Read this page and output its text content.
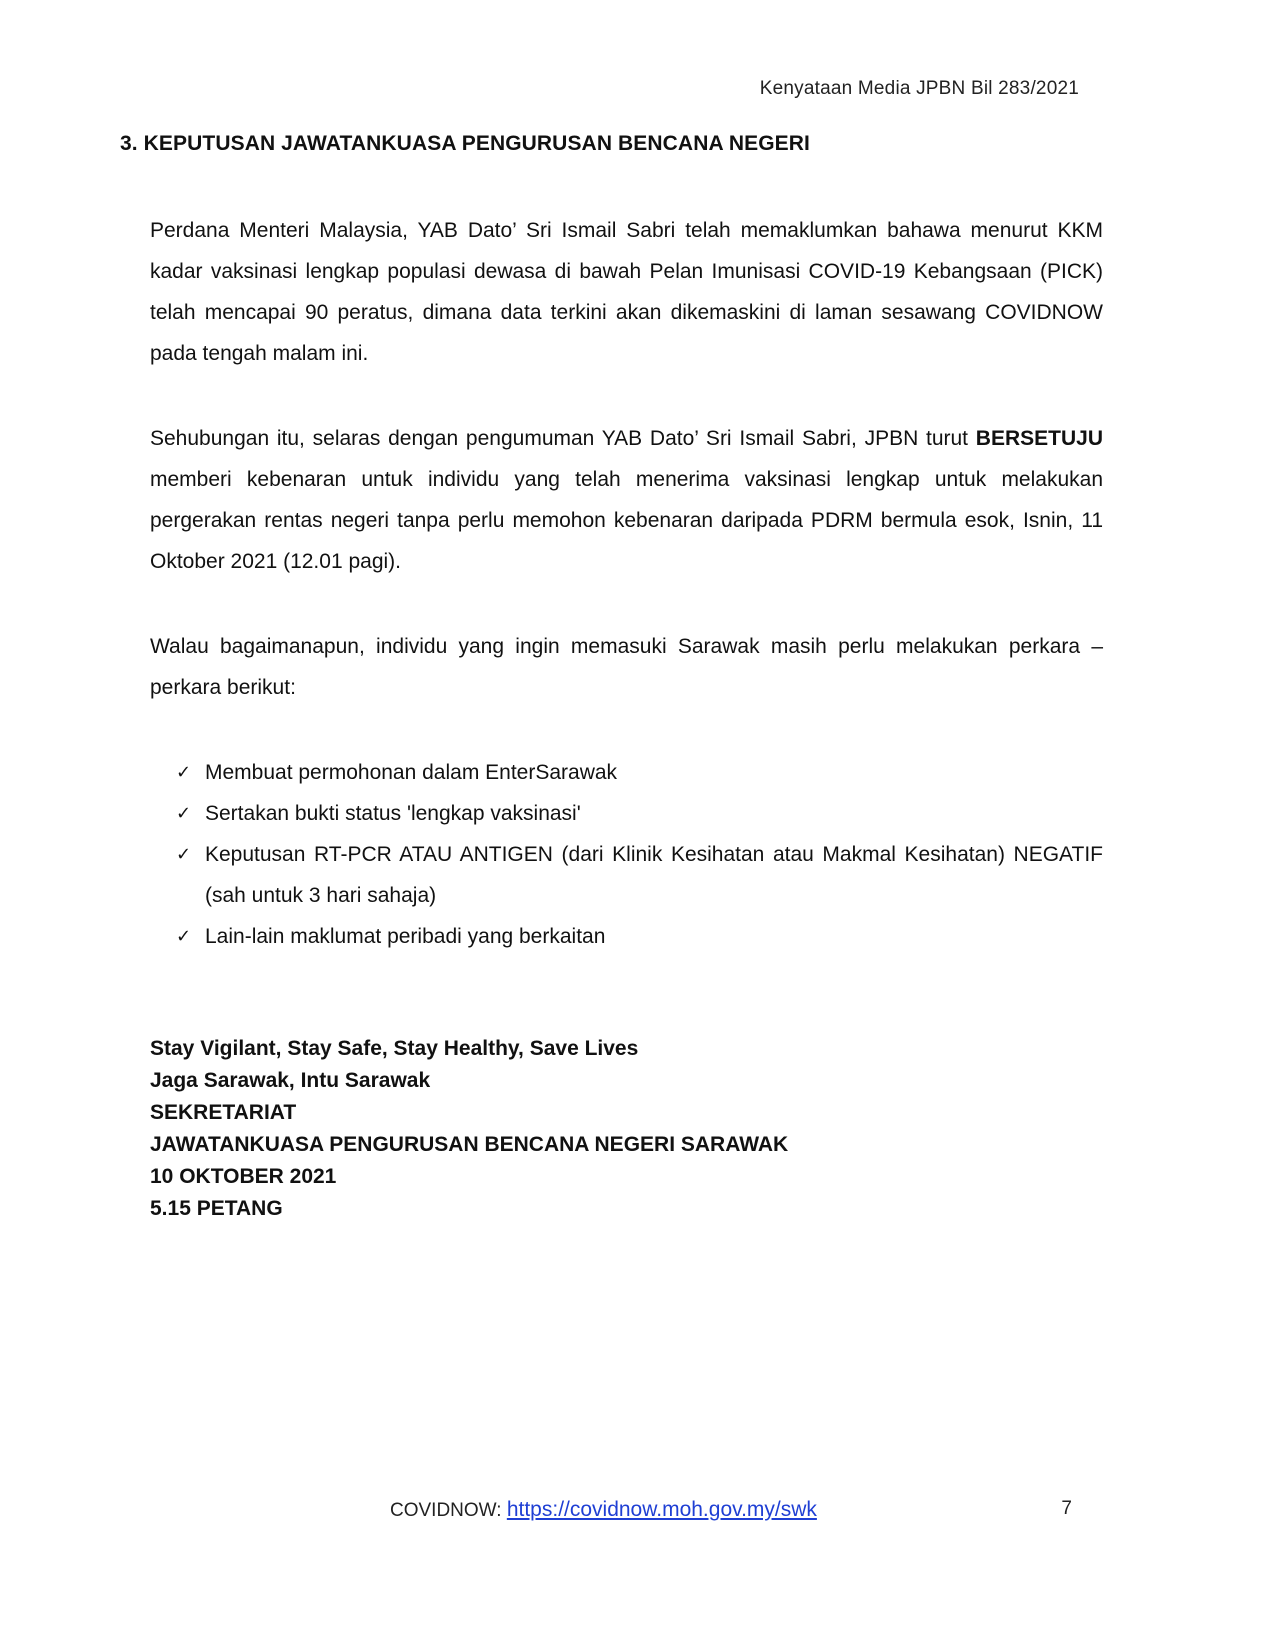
Kenyataan Media JPBN Bil 283/2021
3. KEPUTUSAN JAWATANKUASA PENGURUSAN BENCANA NEGERI

Perdana Menteri Malaysia, YAB Dato’ Sri Ismail Sabri telah memaklumkan bahawa menurut KKM kadar vaksinasi lengkap populasi dewasa di bawah Pelan Imunisasi COVID-19 Kebangsaan (PICK) telah mencapai 90 peratus, dimana data terkini akan dikemaskini di laman sesawang COVIDNOW pada tengah malam ini.

Sehubungan itu, selaras dengan pengumuman YAB Dato’ Sri Ismail Sabri, JPBN turut BERSETUJU memberi kebenaran untuk individu yang telah menerima vaksinasi lengkap untuk melakukan pergerakan rentas negeri tanpa perlu memohon kebenaran daripada PDRM bermula esok, Isnin, 11 Oktober 2021 (12.01 pagi).

Walau bagaimanapun, individu yang ingin memasuki Sarawak masih perlu melakukan perkara – perkara berikut:

✓ Membuat permohonan dalam EnterSarawak
✓ Sertakan bukti status 'lengkap vaksinasi'
✓ Keputusan RT-PCR ATAU ANTIGEN (dari Klinik Kesihatan atau Makmal Kesihatan) NEGATIF (sah untuk 3 hari sahaja)
✓ Lain-lain maklumat peribadi yang berkaitan
Stay Vigilant, Stay Safe, Stay Healthy, Save Lives
Jaga Sarawak, Intu Sarawak
SEKRETARIAT
JAWATANKUASA PENGURUSAN BENCANA NEGERI SARAWAK
10 OKTOBER 2021
5.15 PETANG
COVIDNOW: https://covidnow.moh.gov.my/swk	7
